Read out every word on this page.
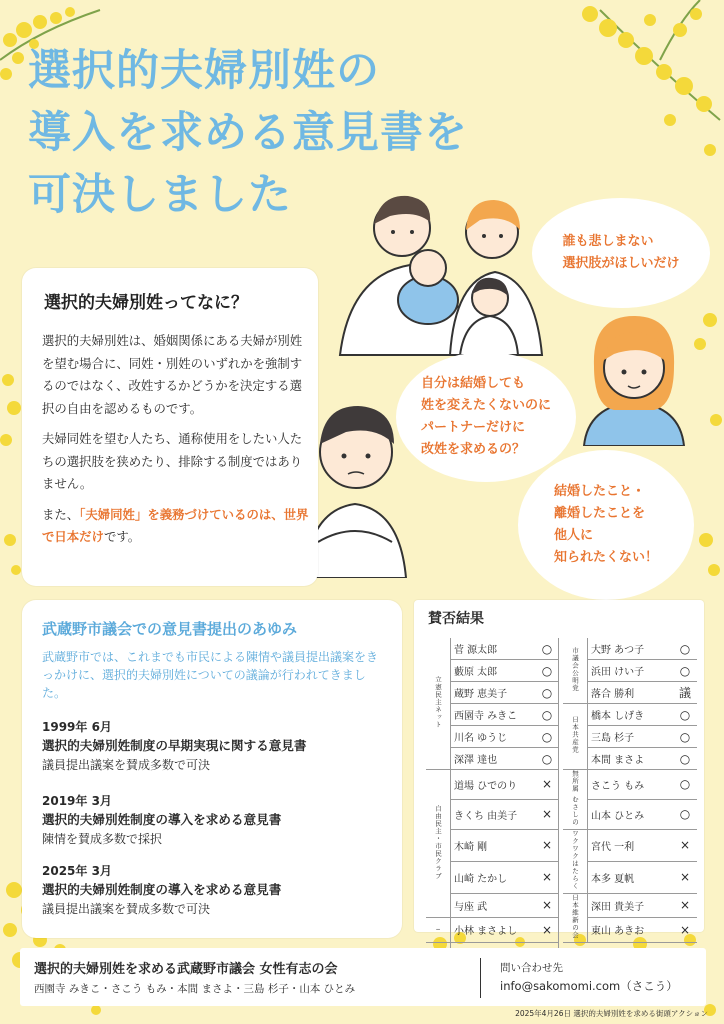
選択的夫婦別姓の
導入を求める意見書を
可決しました
選択的夫婦別姓ってなに？

選択的夫婦別姓は、婚姻関係にある夫婦が別姓を望む場合に、同姓・別姓のいずれかを強制するのではなく、改姓するかどうかを決定する選択の自由を認めるものです。

夫婦同姓を望む人たち、通称使用をしたい人たちの選択肢を狭めたり、排除する制度ではありません。

また、「夫婦同姓」を義務づけているのは、世界で日本だけです。

誰も悲しまない
選択肢がほしいだけ
自分は結婚しても
姓を変えたくないのに
パートナーだけに
改姓を求めるの？
結婚したこと・
離婚したことを
他人に
知られたくない！
武蔵野市議会での意見書提出のあゆみ
武蔵野市では、これまでも市民による陳情や議員提出議案をきっかけに、選択的夫婦別姓についての議論が行われてきました。
1999年 6月
選択的夫婦別姓制度の早期実現に関する意見書
議員提出議案を賛成多数で可決
2019年 3月
選択的夫婦別姓制度の導入を求める意見書
陳情を賛成多数で採択
2025年 3月
選択的夫婦別姓制度の導入を求める意見書
議員提出議案を賛成多数で可決
賛否結果
立憲民主ネット	菅 源太郎	○		市議会公明党	大野 あつ子	○
	藪原 太郎	○			浜田 けい子	○
	蔵野 恵美子	○			落合 勝利	議
	西園寺 みきこ	○		日本共産党	橋本 しげき	○
	川名 ゆうじ	○			三島 杉子	○
	深澤 達也	○			本間 まさよ	○
自由民主・市民クラブ	道場 ひでのり	×		無所属 むさしの	さこう もみ	○
	きくち 由美子	×			山本 ひとみ	○
	木崎 剛	×		ワクワクはたらく	宮代 一利	×
	山崎 たかし	×			本多 夏帆	×
	与座 武	×		日本維新の会	深田 貴美子	×
−	小林 まさよし	×			東山 あきお	×

選択的夫婦別姓を求める武蔵野市議会 女性有志の会
西園寺 みきこ・さこう もみ・本間 まさよ・三島 杉子・山本 ひとみ
問い合わせ先
info@sakomomi.com（さこう）
2025年4月26日 選択的夫婦別姓を求める街頭アクション
